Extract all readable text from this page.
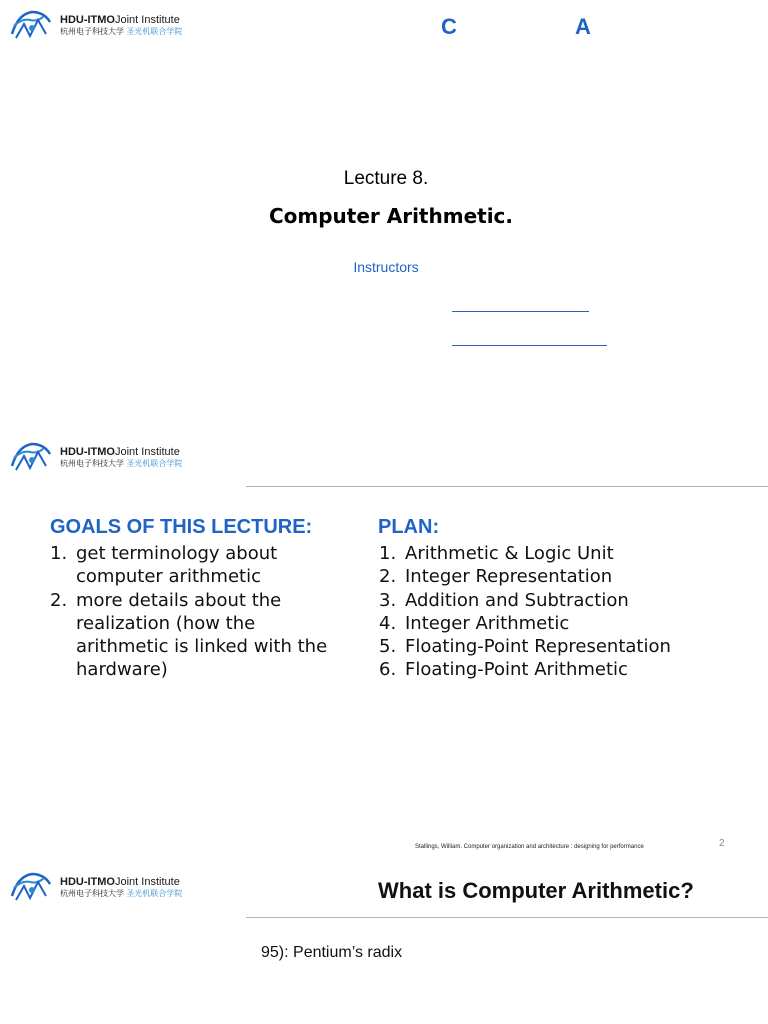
HDU-ITMOJoint Institute
杭州电子科技大学 圣光机联合学院	C	A
Lecture 8.
Computer Arithmetic.
Instructors
HDU-ITMOJoint Institute
杭州电子科技大学 圣光机联合学院
GOALS OF THIS LECTURE:
1. get terminology about computer arithmetic
2. more details about the realization (how the arithmetic is linked with the hardware)
PLAN:
1. Arithmetic & Logic Unit
2. Integer Representation
3. Addition and Subtraction
4. Integer Arithmetic
5. Floating-Point Representation
6. Floating-Point Arithmetic
Stallings, William. Computer organization and architecture : designing for performance	2
HDU-ITMOJoint Institute
杭州电子科技大学 圣光机联合学院	What is Computer Arithmetic?
95): Pentium’s radix
